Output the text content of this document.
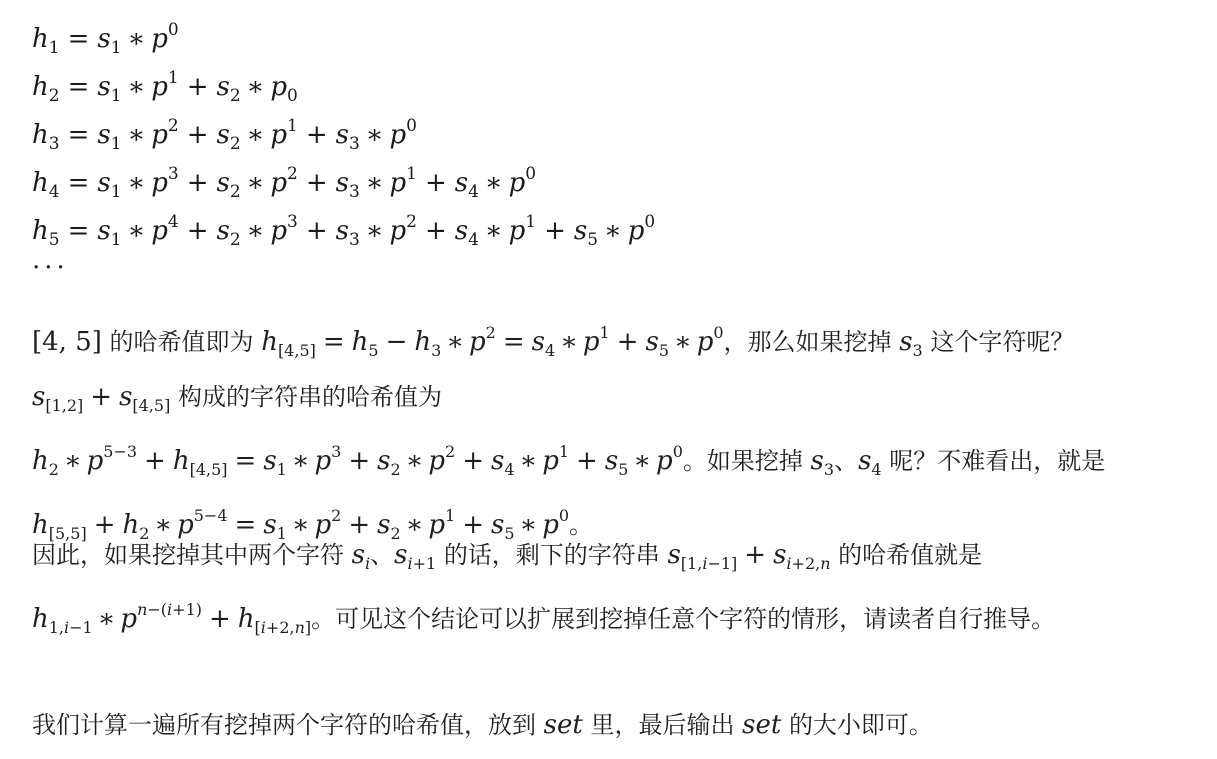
$h_1 = s_1$ ∗ $p^0$
$h_2 = s_1$ ∗ $p^1 + s_2$ ∗ $p_0$
$h_3 = s_1$ ∗ $p^2 + s_2$ ∗ $p^1 + s_3$ ∗ $p^0$
$h_4 = s_1$ ∗ $p^3 + s_2$ ∗ $p^2 + s_3$ ∗ $p^1 + s_4$ ∗ $p^0$
$h_5 = s_1$ ∗ $p^4 + s_2$ ∗ $p^3 + s_3$ ∗ $p^2 + s_4$ ∗ $p^1 + s_5$ ∗ $p^0$
···
[4, 5] 的哈希值即为 $h_{[4,5]} = h_5 - h_3$ ∗ $p^2 = s_4$ ∗ $p^1 + s_5$ ∗ $p^0$，那么如果挖掉 $s_3$ 这个字符呢？ $s_{[1,2]} + s_{[4,5]}$ 构成的字符串的哈希值为
$h_2$ ∗ $p^{5-3} + h_{[4,5]} = s_1$ ∗ $p^3 + s_2$ ∗ $p^2 + s_4$ ∗ $p^1 + s_5$ ∗ $p^0$。如果挖掉 $s_3$、$s_4$ 呢？不难看出，就是 $h_{[5,5]} + h_2$ ∗ $p^{5-4} = s_1$ ∗ $p^2 + s_2$ ∗ $p^1 + s_5$ ∗ $p^0$。
因此，如果挖掉其中两个字符 $s_i$、$s_{i+1}$ 的话，剩下的字符串 $s_{[1,i-1]} + s_{i+2,n}$ 的哈希值就是
$h_{1,i-1}$ ∗ $p^{n-(i+1)} + h_{[i+2,n]}$。可见这个结论可以扩展到挖掉任意个字符的情形，请读者自行推导。
我们计算一遍所有挖掉两个字符的哈希值，放到 set 里，最后输出 set 的大小即可。
